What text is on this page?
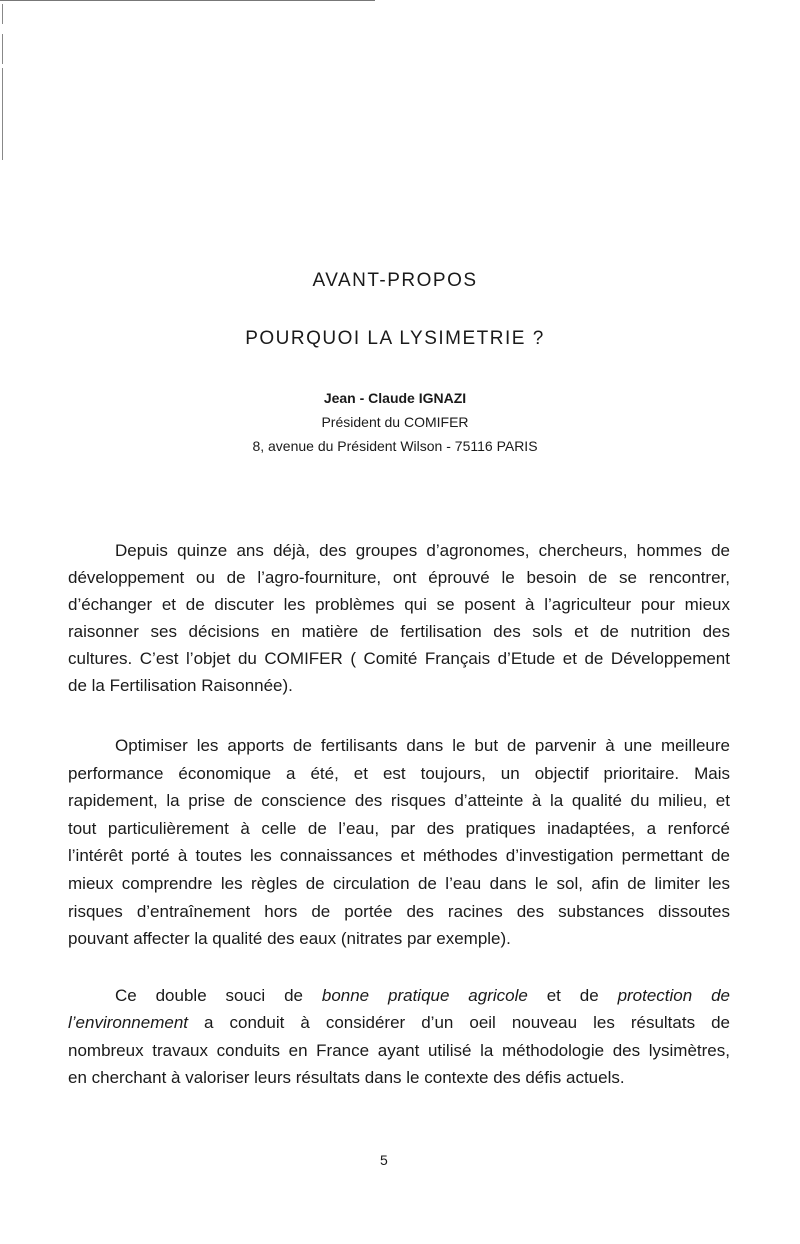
AVANT-PROPOS
POURQUOI LA LYSIMETRIE ?
Jean - Claude IGNAZI
Président du COMIFER
8, avenue du Président Wilson - 75116 PARIS
Depuis quinze ans déjà, des groupes d’agronomes, chercheurs, hommes de
développement ou de l’agro-fourniture, ont éprouvé le besoin de se rencontrer,
d’échanger et de discuter les problèmes qui se posent à l’agriculteur pour mieux
raisonner ses décisions en matière de fertilisation des sols et de nutrition des
cultures. C’est l’objet du COMIFER ( Comité Français d’Etude et de Développement
de la Fertilisation Raisonnée).
Optimiser les apports de fertilisants dans le but de parvenir à une meilleure
performance économique a été, et est toujours, un objectif prioritaire. Mais
rapidement, la prise de conscience des risques d’atteinte à la qualité du milieu, et
tout particulièrement à celle de l’eau, par des pratiques inadaptées, a renforcé
l’intérêt porté à toutes les connaissances et méthodes d’investigation permettant de
mieux comprendre les règles de circulation de l’eau dans le sol, afin de limiter les
risques d’entraînement hors de portée des racines des substances dissoutes
pouvant affecter la qualité des eaux (nitrates par exemple).
Ce double souci de bonne pratique agricole et de protection de
l’environnement a conduit à considérer d’un oeil nouveau les résultats de
nombreux travaux conduits en France ayant utilisé la méthodologie des lysimètres,
en cherchant à valoriser leurs résultats dans le contexte des défis actuels.
5
